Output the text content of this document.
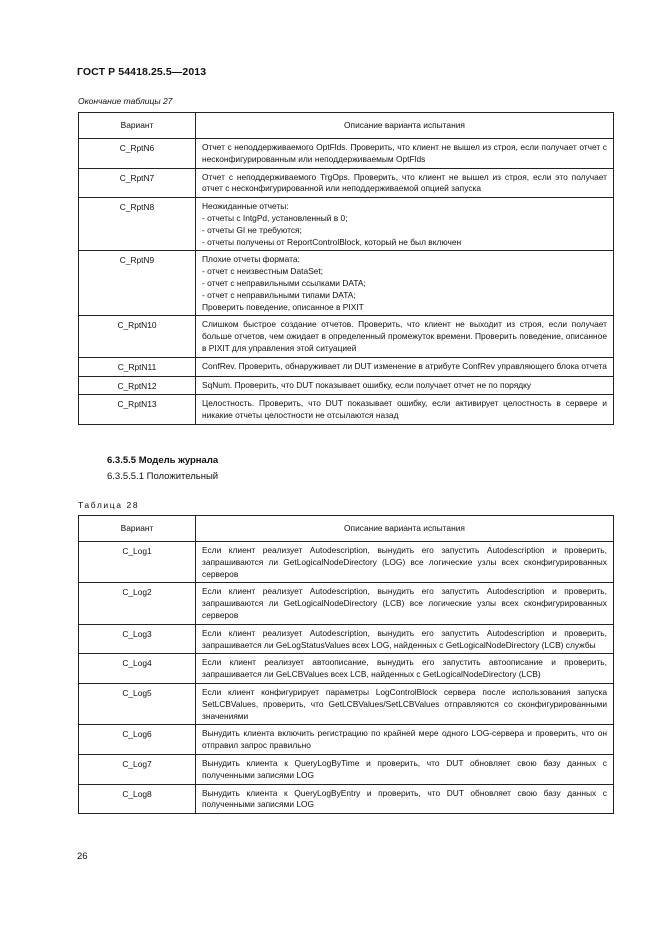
ГОСТ Р 54418.25.5—2013
Окончание таблицы 27
Вариант	Описание варианта испытания
C_RptN6	Отчет с неподдерживаемого OptFlds. Проверить, что клиент не вышел из строя, если получает отчет с несконфигурированным или неподдерживаемым OptFlds
C_RptN7	Отчет с неподдерживаемого TrgOps. Проверить, что клиент не вышел из строя, если это получает отчет с несконфигурированной или неподдерживаемой опцией запуска
C_RptN8	Неожиданные отчеты:
- отчеты с IntgPd, установленный в 0;
- отчеты GI не требуются;
- отчеты получены от ReportControlBlock, который не был включен
C_RptN9	Плохие отчеты формата:
- отчет с неизвестным DataSet;
- отчет с неправильными ссылками DATA;
- отчет с неправильными типами DATA;
Проверить поведение, описанное в PIXIT
C_RptN10	Слишком быстрое создание отчетов. Проверить, что клиент не выходит из строя, если получает больше отчетов, чем ожидает в определенный промежуток времени. Проверить поведение, описанное в PIXIT для управления этой ситуацией
C_RptN11	ConfRev. Проверить, обнаруживает ли DUT изменение в атрибуте ConfRev управляющего блока отчета
C_RptN12	SqNum. Проверить, что DUT показывает ошибку, если получает отчет не по порядку
C_RptN13	Целостность. Проверить, что DUT показывает ошибку, если активирует целостность в сервере и никакие отчеты целостности не отсылаются назад
6.3.5.5 Модель журнала
6.3.5.5.1 Положительный
Таблица 28
Вариант	Описание варианта испытания
C_Log1	Если клиент реализует Autodescription, вынудить его запустить Autodescription и проверить, запрашиваются ли GetLogicalNodeDirectory (LOG) все логические узлы всех сконфигурированных серверов
C_Log2	Если клиент реализует Autodescription, вынудить его запустить Autodescription и проверить, запрашиваются ли GetLogicalNodeDirectory (LCB) все логические узлы всех сконфигурированных серверов
C_Log3	Если клиент реализует Autodescription, вынудить его запустить Autodescription и проверить, запрашивается ли GeLogStatusValues всех LOG, найденных с GetLogicalNodeDirectory (LCB) службы
C_Log4	Если клиент реализует автоописание, вынудить его запустить автоописание и проверить, запрашивается ли GeLCBValues всех LCB, найденных с GetLogicalNodeDirectory (LCB)
C_Log5	Если клиент конфигурирует параметры LogControlBlock сервера после использования запуска SetLCBValues, проверить, что GetLCBValues/SetLCBValues отправляются со сконфигурированными значениями
C_Log6	Вынудить клиента включить регистрацию по крайней мере одного LOG-сервера и проверить, что он отправил запрос правильно
C_Log7	Вынудить клиента к QueryLogByTime и проверить, что DUT обновляет свою базу данных с полученными записями LOG
C_Log8	Вынудить клиента к QueryLogByEntry и проверить, что DUT обновляет свою базу данных с полученными записями LOG
26
